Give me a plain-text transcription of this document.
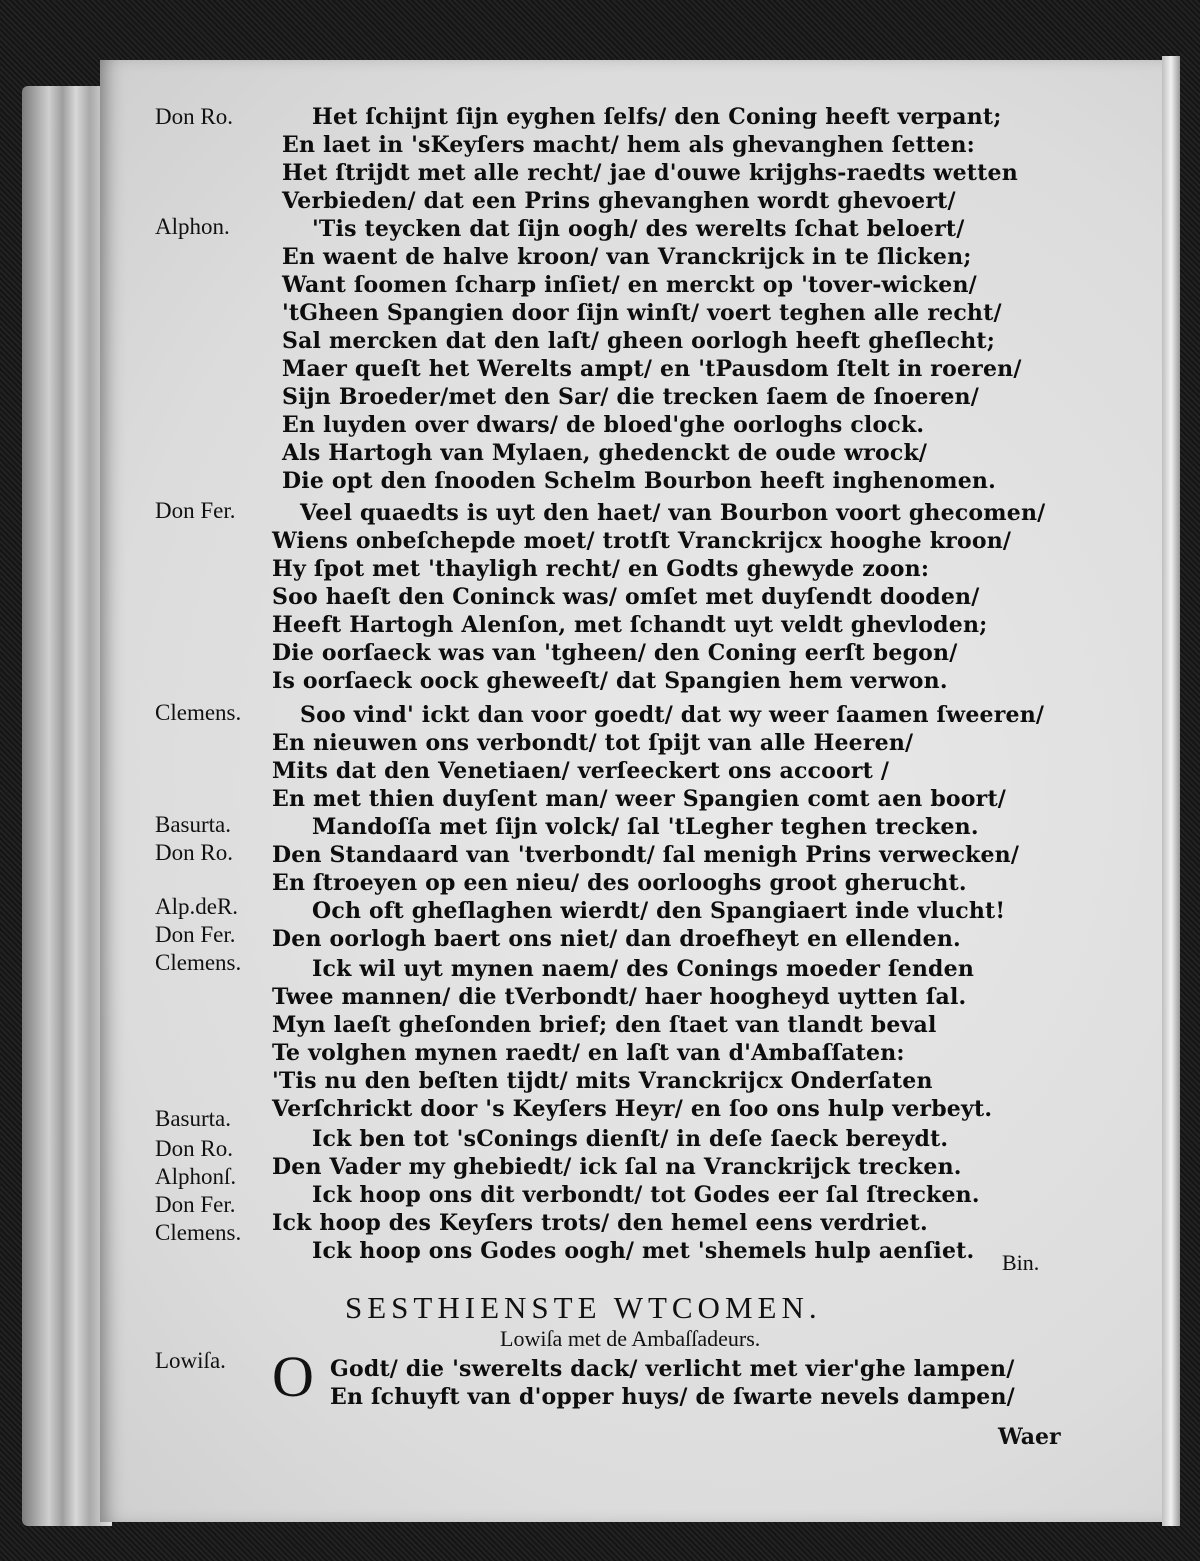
Don Ro.
Alphon.
Don Fer.
Clemens.
Basurta.
Don Ro.
Alp.deR.
Don Fer.
Clemens.
Basurta.
Don Ro.
Alphonſ.
Don Fer.
Clemens.
Lowiſa.
Het ſchijnt ſijn eyghen ſelfs/ den Coning heeft verpant;
En laet in 'sKeyſers macht/ hem als ghevanghen ſetten:
Het ſtrijdt met alle recht/ jae d'ouwe krijghs-raedts wetten
Verbieden/ dat een Prins ghevanghen wordt ghevoert/
'Tis teycken dat ſijn oogh/ des werelts ſchat beloert/
En waent de halve kroon/ van Vranckrijck in te ſlicken;
Want ſoomen ſcharp inſiet/ en merckt op 'tover-wicken/
'tGheen Spangien door ſijn winſt/ voert teghen alle recht/
Sal mercken dat den laſt/ gheen oorlogh heeft gheſlecht;
Maer queſt het Werelts ampt/ en 'tPausdom ſtelt in roeren/
Sijn Broeder/met den Sar/ die trecken ſaem de ſnoeren/
En luyden over dwars/ de bloed'ghe oorloghs clock.
Als Hartogh van Mylaen, ghedenckt de oude wrock/
Die opt den ſnooden Schelm Bourbon heeft inghenomen.
Veel quaedts is uyt den haet/ van Bourbon voort ghecomen/
Wiens onbeſchepde moet/ trotſt Vranckrijcx hooghe kroon/
Hy ſpot met 'thayligh recht/ en Godts ghewyde zoon:
Soo haeſt den Coninck was/ omſet met duyſendt dooden/
Heeft Hartogh Alenſon, met ſchandt uyt veldt ghevloden;
Die oorſaeck was van 'tgheen/ den Coning eerſt begon/
Is oorſaeck oock gheweeſt/ dat Spangien hem verwon.
Soo vind' ickt dan voor goedt/ dat wy weer ſaamen ſweeren/
En nieuwen ons verbondt/ tot ſpijt van alle Heeren/
Mits dat den Venetiaen/ verſeeckert ons accoort /
En met thien duyſent man/ weer Spangien comt aen boort/
Mandoſſa met ſijn volck/ ſal 'tLegher teghen trecken.
Den Standaard van 'tverbondt/ ſal menigh Prins verwecken/
En ſtroeyen op een nieu/ des oorlooghs groot gherucht.
Och oft gheſlaghen wierdt/ den Spangiaert inde vlucht!
Den oorlogh baert ons niet/ dan droefheyt en ellenden.
Ick wil uyt mynen naem/ des Conings moeder ſenden
Twee mannen/ die tVerbondt/ haer hoogheyd uytten ſal.
Myn laeſt gheſonden brief; den ſtaet van tlandt beval
Te volghen mynen raedt/ en laſt van d'Ambaſſaten:
'Tis nu den beſten tijdt/ mits Vranckrijcx Onderſaten
Verſchrickt door 's Keyſers Heyr/ en ſoo ons hulp verbeyt.
Ick ben tot 'sConings dienſt/ in deſe ſaeck bereydt.
Den Vader my ghebiedt/ ick ſal na Vranckrijck trecken.
Ick hoop ons dit verbondt/ tot Godes eer ſal ſtrecken.
Ick hoop des Keyſers trots/ den hemel eens verdriet.
Ick hoop ons Godes oogh/ met 'shemels hulp aenſiet. Bin.
SESTHIENSTE WTCOMEN.
Lowiſa met de Ambaſſadeurs.
O Godt/ die 'swerelts dack/ verlicht met vier'ghe lampen/
En ſchuyft van d'opper huys/ de ſwarte nevels dampen/
Waer
